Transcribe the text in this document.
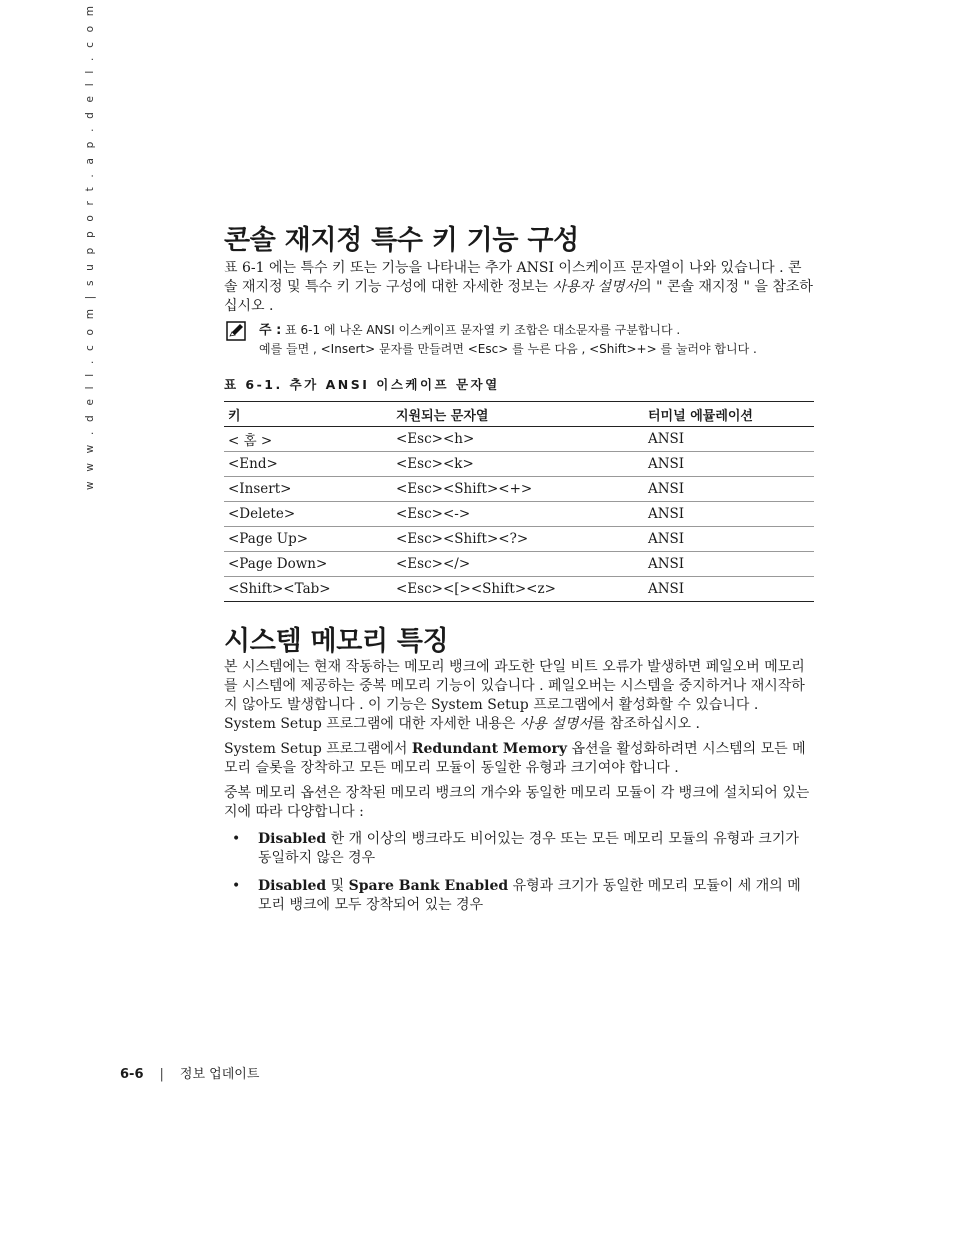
w w w . d e l l . c o m | s u p p o r t . a p . d e l l . c o m	콘솔 재지정 특수 키 기능 구성

표 6-1 에는 특수 키 또는 기능을 나타내는 추가 ANSI 이스케이프 문자열이 나와 있습니다 . 콘솔 재지정 및 특수 키 기능 구성에 대한 자세한 정보는 사용자 설명서의 " 콘솔 재지정 " 을 참조하십시오 .

주 : 표 6-1 에 나온 ANSI 이스케이프 문자열 키 조합은 대소문자를 구분합니다 .
예를 들면 , <Insert> 문자를 만들려면 <Esc> 를 누른 다음 , <Shift>+> 를 눌러야 합니다 .
표 6-1. 추가 ANSI 이스케이프 문자열
키	지원되는 문자열	터미널 에뮬레이션
< 홈 >	<Esc><h>	ANSI
<End>	<Esc><k>	ANSI
<Insert>	<Esc><Shift><+>	ANSI
<Delete>	<Esc><->	ANSI
<Page Up>	<Esc><Shift><?>	ANSI
<Page Down>	<Esc></>	ANSI
<Shift><Tab>	<Esc><[><Shift><z>	ANSI
시스템 메모리 특징

본 시스템에는 현재 작동하는 메모리 뱅크에 과도한 단일 비트 오류가 발생하면 페일오버 메모리를 시스템에 제공하는 중복 메모리 기능이 있습니다 . 페일오버는 시스템을 중지하거나 재시작하지 않아도 발생합니다 . 이 기능은 System Setup 프로그램에서 활성화할 수 있습니다 . System Setup 프로그램에 대한 자세한 내용은 사용 설명서를 참조하십시오 .

System Setup 프로그램에서 Redundant Memory 옵션을 활성화하려면 시스템의 모든 메모리 슬롯을 장착하고 모든 메모리 모듈이 동일한 유형과 크기여야 합니다 .

중복 메모리 옵션은 장착된 메모리 뱅크의 개수와 동일한 메모리 모듈이 각 뱅크에 설치되어 있는지에 따라 다양합니다 :

• Disabled 한 개 이상의 뱅크라도 비어있는 경우 또는 모든 메모리 모듈의 유형과 크기가 동일하지 않은 경우
• Disabled 및 Spare Bank Enabled 유형과 크기가 동일한 메모리 모듈이 세 개의 메모리 뱅크에 모두 장착되어 있는 경우
6-6 | 정보 업데이트
